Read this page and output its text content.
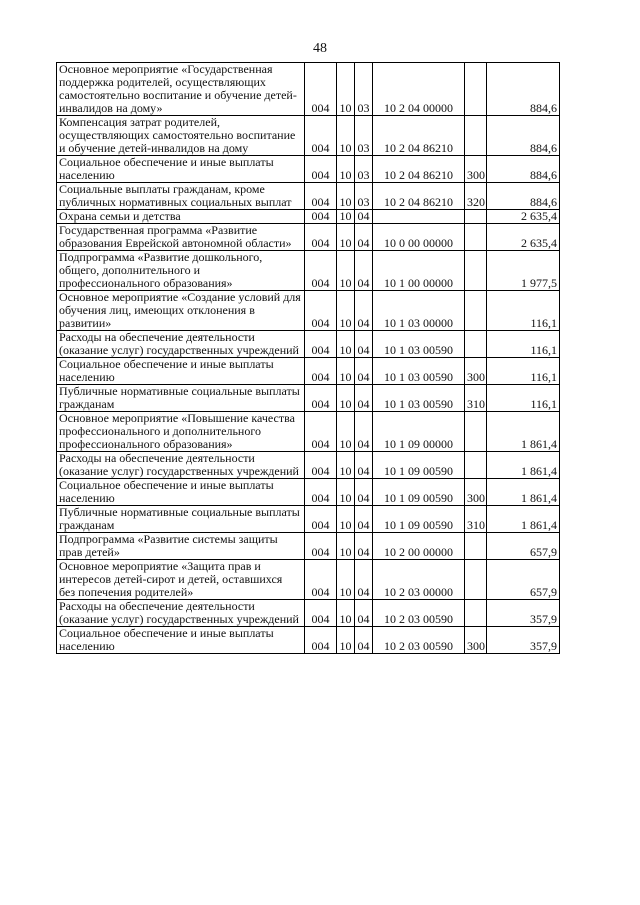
48
Основное мероприятие «Государственная поддержка родителей, осуществляющих самостоятельно воспитание и обучение детей-инвалидов на дому»	004	10	03	10 2 04 00000		884,6
Компенсация затрат родителей, осуществляющих самостоятельно воспитание и обучение детей-инвалидов на дому	004	10	03	10 2 04 86210		884,6
Социальное обеспечение и иные выплаты населению	004	10	03	10 2 04 86210	300	884,6
Социальные выплаты гражданам, кроме публичных нормативных социальных выплат	004	10	03	10 2 04 86210	320	884,6
Охрана семьи и детства	004	10	04			2 635,4
Государственная программа «Развитие образования Еврейской автономной области»	004	10	04	10 0 00 00000		2 635,4
Подпрограмма «Развитие дошкольного, общего, дополнительного и профессионального образования»	004	10	04	10 1 00 00000		1 977,5
Основное мероприятие «Создание условий для обучения лиц, имеющих отклонения в развитии»	004	10	04	10 1 03 00000		116,1
Расходы на обеспечение деятельности (оказание услуг) государственных учреждений	004	10	04	10 1 03 00590		116,1
Социальное обеспечение и иные выплаты населению	004	10	04	10 1 03 00590	300	116,1
Публичные нормативные социальные выплаты гражданам	004	10	04	10 1 03 00590	310	116,1
Основное мероприятие «Повышение качества профессионального и дополнительного профессионального образования»	004	10	04	10 1 09 00000		1 861,4
Расходы на обеспечение деятельности (оказание услуг) государственных учреждений	004	10	04	10 1 09 00590		1 861,4
Социальное обеспечение и иные выплаты населению	004	10	04	10 1 09 00590	300	1 861,4
Публичные нормативные социальные выплаты гражданам	004	10	04	10 1 09 00590	310	1 861,4
Подпрограмма «Развитие системы защиты прав детей»	004	10	04	10 2 00 00000		657,9
Основное мероприятие «Защита прав и интересов детей-сирот и детей, оставшихся без попечения родителей»	004	10	04	10 2 03 00000		657,9
Расходы на обеспечение деятельности (оказание услуг) государственных учреждений	004	10	04	10 2 03 00590		357,9
Социальное обеспечение и иные выплаты населению	004	10	04	10 2 03 00590	300	357,9
